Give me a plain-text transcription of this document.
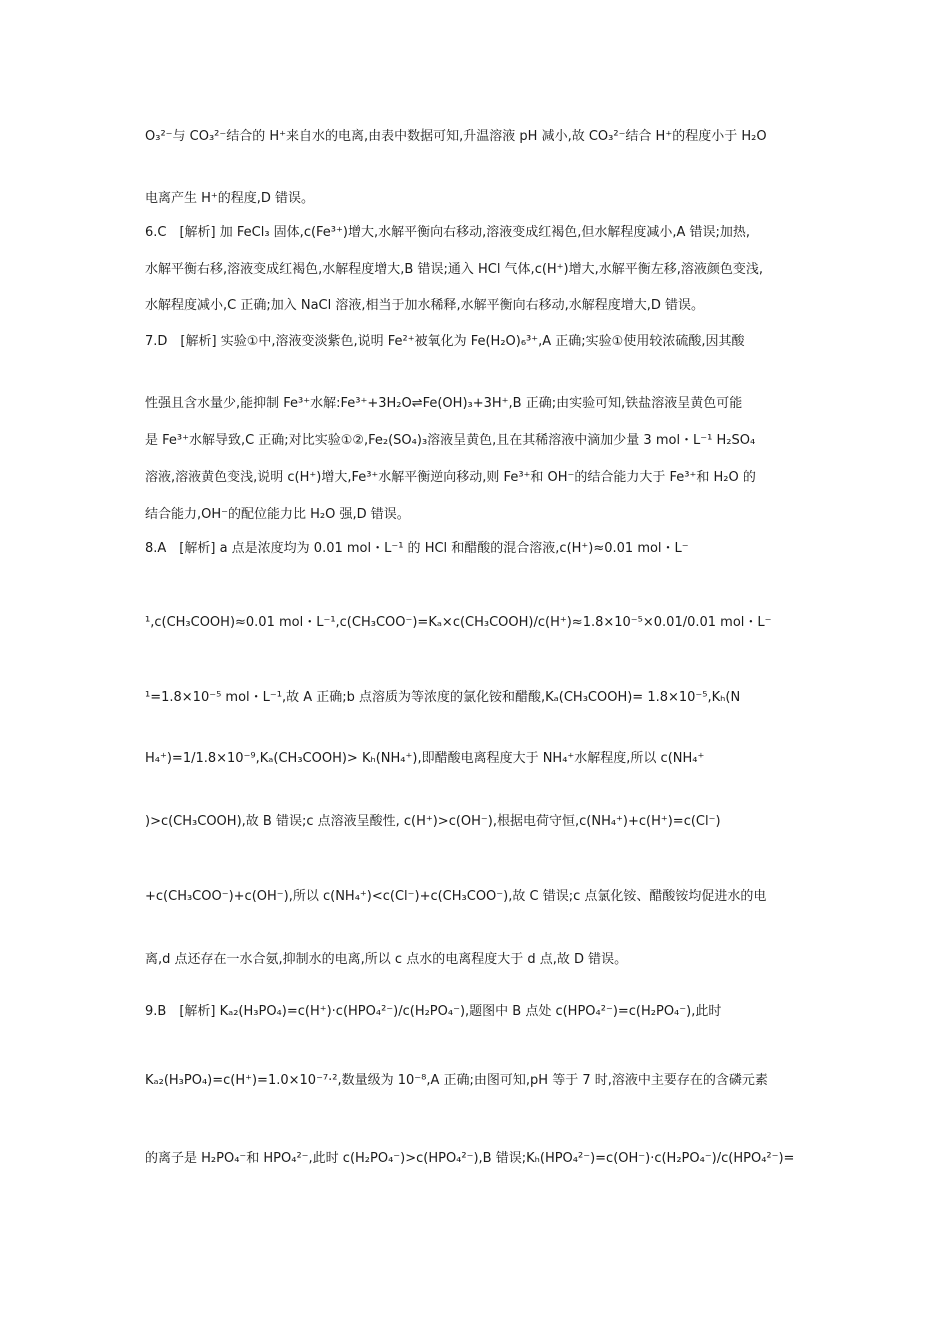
O₃²⁻与 CO₃²⁻结合的 H⁺来自水的电离,由表中数据可知,升温溶液 pH 减小,故 CO₃²⁻结合 H⁺的程度小于 H₂O
电离产生 H⁺的程度,D 错误。
6.C　[解析] 加 FeCl₃ 固体,c(Fe³⁺)增大,水解平衡向右移动,溶液变成红褐色,但水解程度减小,A 错误;加热,
水解平衡右移,溶液变成红褐色,水解程度增大,B 错误;通入 HCl 气体,c(H⁺)增大,水解平衡左移,溶液颜色变浅,
水解程度减小,C 正确;加入 NaCl 溶液,相当于加水稀释,水解平衡向右移动,水解程度增大,D 错误。
7.D　[解析] 实验①中,溶液变淡紫色,说明 Fe²⁺被氧化为 Fe(H₂O)₆³⁺,A 正确;实验①使用较浓硫酸,因其酸
性强且含水量少,能抑制 Fe³⁺水解:Fe³⁺+3H₂O⇌Fe(OH)₃+3H⁺,B 正确;由实验可知,铁盐溶液呈黄色可能
是 Fe³⁺水解导致,C 正确;对比实验①②,Fe₂(SO₄)₃溶液呈黄色,且在其稀溶液中滴加少量 3 mol・L⁻¹ H₂SO₄
溶液,溶液黄色变浅,说明 c(H⁺)增大,Fe³⁺水解平衡逆向移动,则 Fe³⁺和 OH⁻的结合能力大于 Fe³⁺和 H₂O 的
结合能力,OH⁻的配位能力比 H₂O 强,D 错误。
8.A　[解析] a 点是浓度均为 0.01 mol・L⁻¹ 的 HCl 和醋酸的混合溶液,c(H⁺)≈0.01 mol・L⁻
¹,c(CH₃COOH)≈0.01 mol・L⁻¹,c(CH₃COO⁻)=Kₐ×c(CH₃COOH)/c(H⁺)≈1.8×10⁻⁵×0.01/0.01 mol・L⁻
¹=1.8×10⁻⁵ mol・L⁻¹,故 A 正确;b 点溶质为等浓度的氯化铵和醋酸,Kₐ(CH₃COOH)= 1.8×10⁻⁵,Kₕ(N
H₄⁺)=1/1.8×10⁻⁹,Kₐ(CH₃COOH)> Kₕ(NH₄⁺),即醋酸电离程度大于 NH₄⁺水解程度,所以 c(NH₄⁺
)>c(CH₃COOH),故 B 错误;c 点溶液呈酸性, c(H⁺)>c(OH⁻),根据电荷守恒,c(NH₄⁺)+c(H⁺)=c(Cl⁻)
+c(CH₃COO⁻)+c(OH⁻),所以 c(NH₄⁺)<c(Cl⁻)+c(CH₃COO⁻),故 C 错误;c 点氯化铵、醋酸铵均促进水的电
离,d 点还存在一水合氨,抑制水的电离,所以 c 点水的电离程度大于 d 点,故 D 错误。
9.B　[解析] Kₐ₂(H₃PO₄)=c(H⁺)·c(HPO₄²⁻)/c(H₂PO₄⁻),题图中 B 点处 c(HPO₄²⁻)=c(H₂PO₄⁻),此时
Kₐ₂(H₃PO₄)=c(H⁺)=1.0×10⁻⁷·²,数量级为 10⁻⁸,A 正确;由图可知,pH 等于 7 时,溶液中主要存在的含磷元素
的离子是 H₂PO₄⁻和 HPO₄²⁻,此时 c(H₂PO₄⁻)>c(HPO₄²⁻),B 错误;Kₕ(HPO₄²⁻)=c(OH⁻)·c(H₂PO₄⁻)/c(HPO₄²⁻)=
